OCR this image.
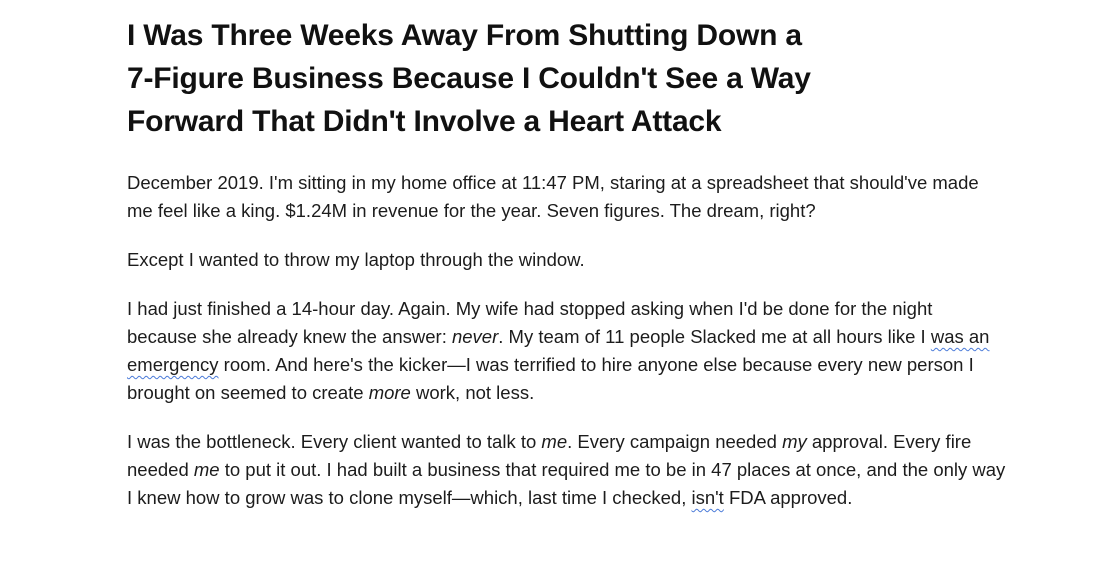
I Was Three Weeks Away From Shutting Down a
7-Figure Business Because I Couldn't See a Way
Forward That Didn't Involve a Heart Attack

December 2019. I'm sitting in my home office at 11:47 PM, staring at a spreadsheet that should've made me feel like a king. $1.24M in revenue for the year. Seven figures. The dream, right?

Except I wanted to throw my laptop through the window.

I had just finished a 14-hour day. Again. My wife had stopped asking when I'd be done for the night because she already knew the answer: never. My team of 11 people Slacked me at all hours like I was an emergency room. And here's the kicker—I was terrified to hire anyone else because every new person I brought on seemed to create more work, not less.

I was the bottleneck. Every client wanted to talk to me. Every campaign needed my approval. Every fire needed me to put it out. I had built a business that required me to be in 47 places at once, and the only way I knew how to grow was to clone myself—which, last time I checked, isn't FDA approved.
